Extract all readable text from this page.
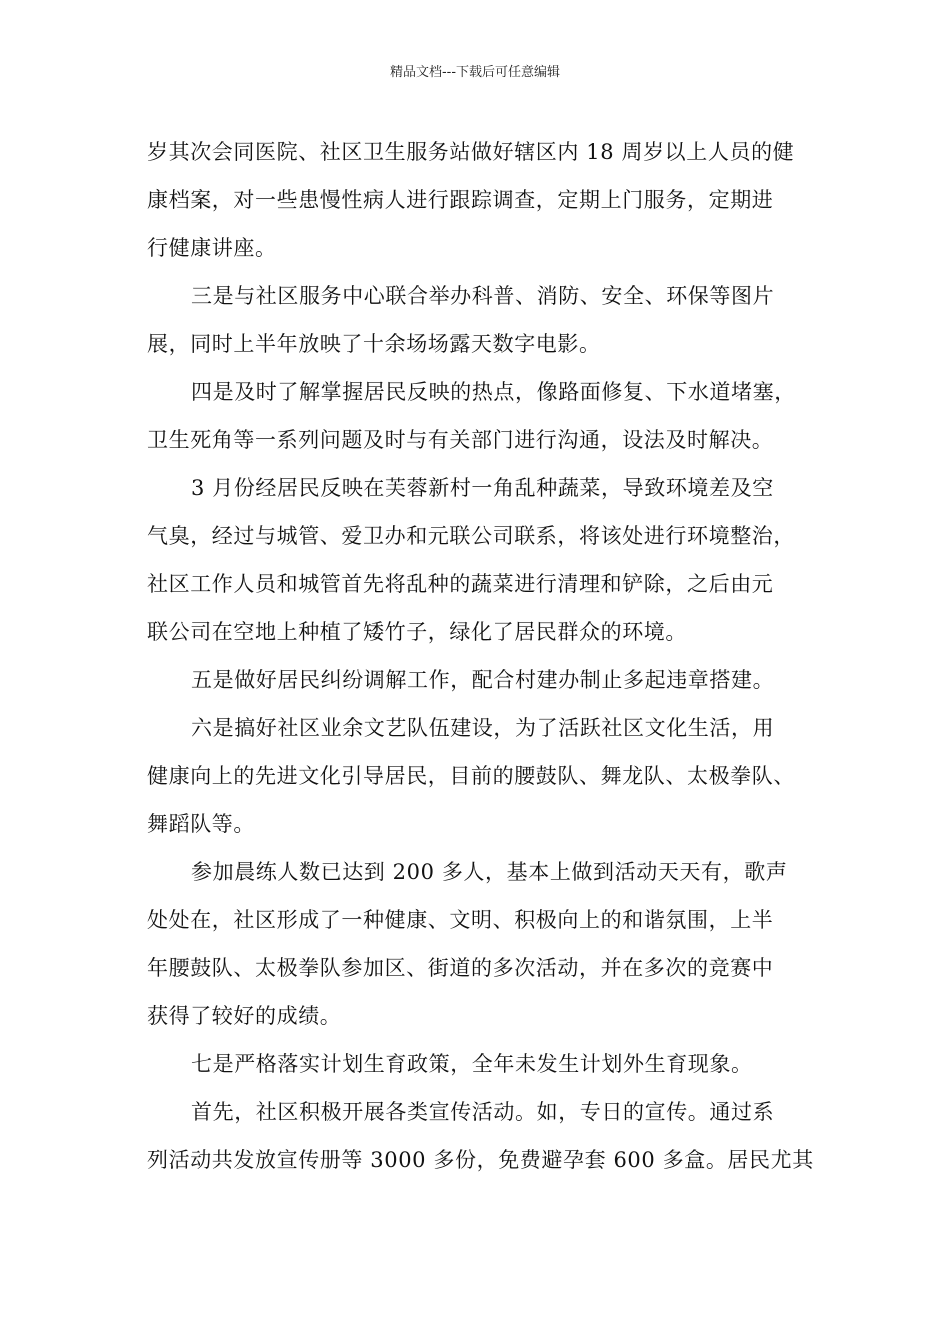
精品文档---下载后可任意编辑
岁其次会同医院、社区卫生服务站做好辖区内 18 周岁以上人员的健
康档案，对一些患慢性病人进行跟踪调查，定期上门服务，定期进
行健康讲座。
三是与社区服务中心联合举办科普、消防、安全、环保等图片
展，同时上半年放映了十余场场露天数字电影。
四是及时了解掌握居民反映的热点，像路面修复、下水道堵塞，
卫生死角等一系列问题及时与有关部门进行沟通，设法及时解决。
3 月份经居民反映在芙蓉新村一角乱种蔬菜，导致环境差及空
气臭，经过与城管、爱卫办和元联公司联系，将该处进行环境整治，
社区工作人员和城管首先将乱种的蔬菜进行清理和铲除，之后由元
联公司在空地上种植了矮竹子，绿化了居民群众的环境。
五是做好居民纠纷调解工作，配合村建办制止多起违章搭建。
六是搞好社区业余文艺队伍建设，为了活跃社区文化生活，用
健康向上的先进文化引导居民，目前的腰鼓队、舞龙队、太极拳队、
舞蹈队等。
参加晨练人数已达到 200 多人，基本上做到活动天天有，歌声
处处在，社区形成了一种健康、文明、积极向上的和谐氛围，上半
年腰鼓队、太极拳队参加区、街道的多次活动，并在多次的竞赛中
获得了较好的成绩。
七是严格落实计划生育政策，全年未发生计划外生育现象。
首先，社区积极开展各类宣传活动。如，专日的宣传。通过系
列活动共发放宣传册等 3000 多份，免费避孕套 600 多盒。居民尤其
